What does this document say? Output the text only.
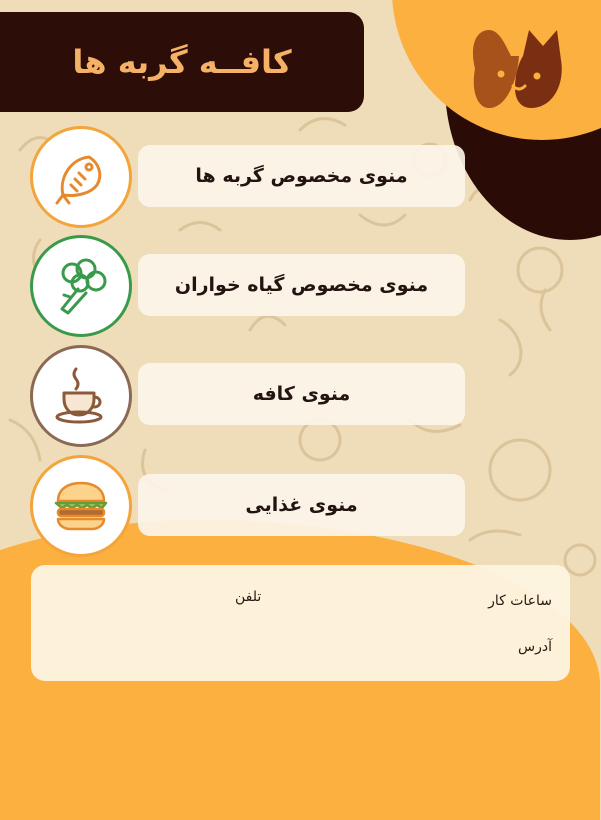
کافــه گربه ها
منوی مخصوص گربه ها
منوی مخصوص گیاه خواران
منوی کافه
منوی غذایی
تلفن	ساعات کار
آدرس
